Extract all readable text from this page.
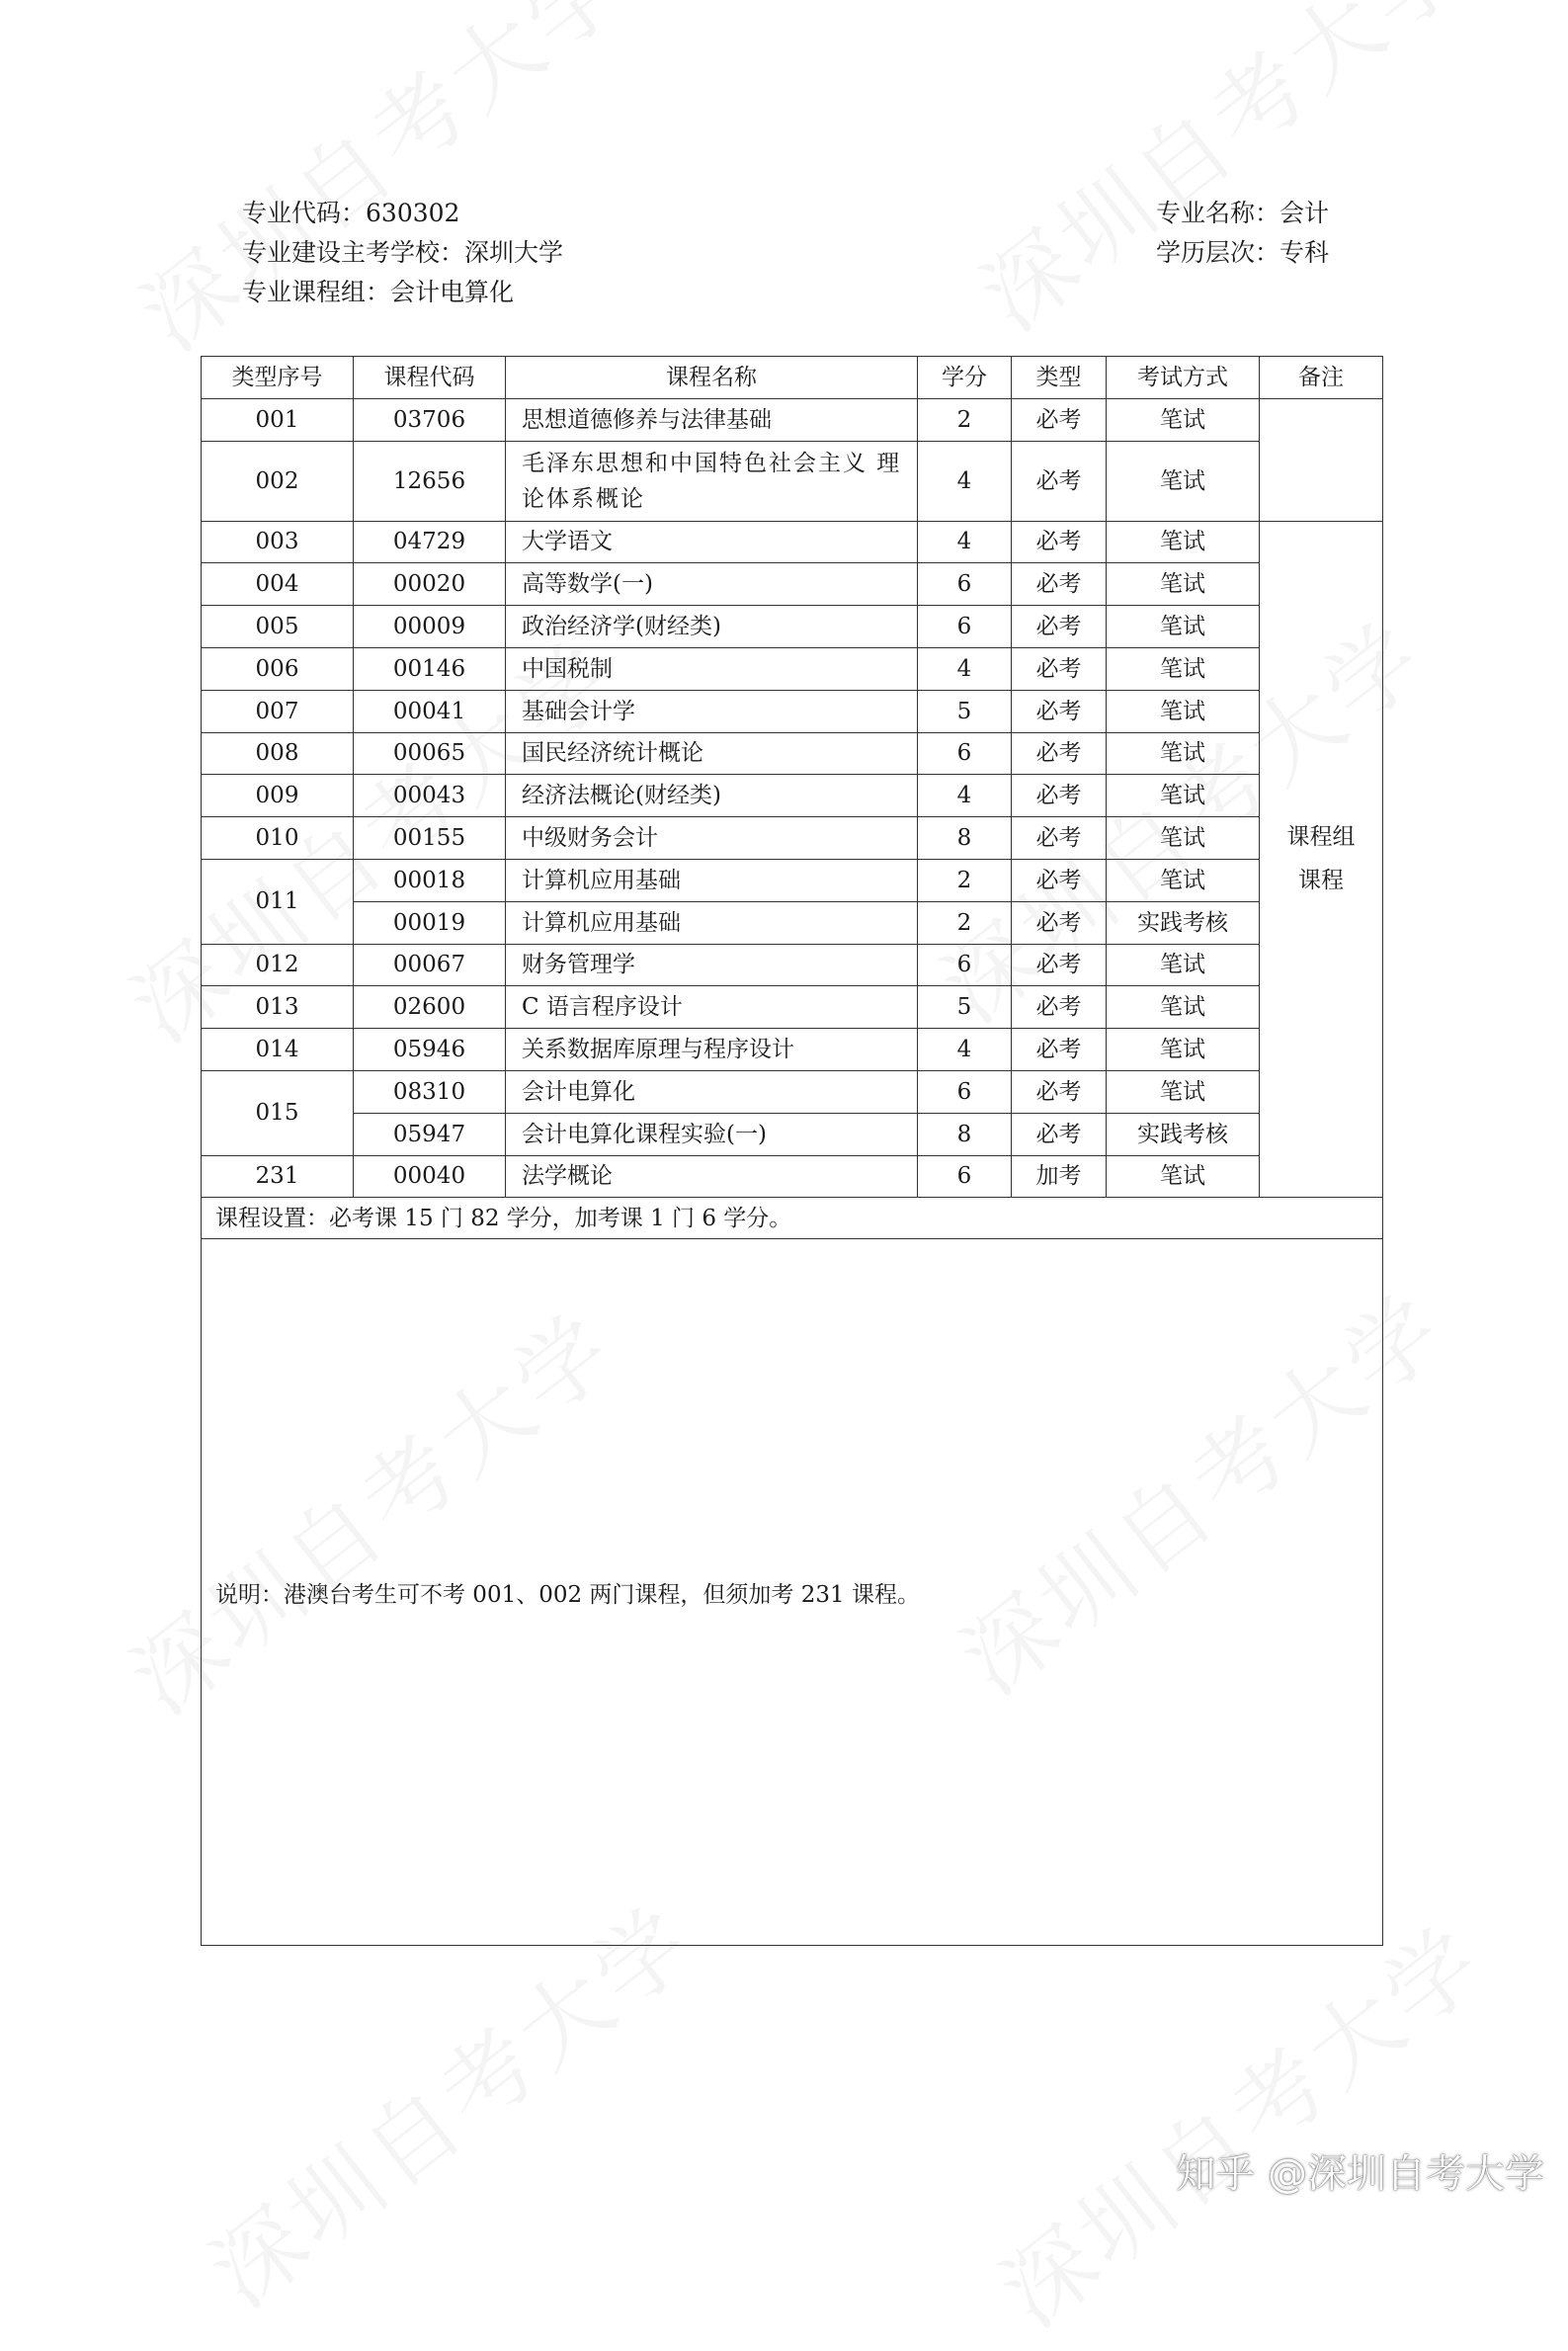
专业代码：630302
专业建设主考学校：深圳大学
专业课程组：会计电算化
专业名称：会计
学历层次：专科
类型序号	课程代码	课程名称	学分	类型	考试方式	备注
001	03706	思想道德修养与法律基础	2	必考	笔试	
002	12656	毛泽东思想和中国特色社会主义 理论体系概论	4	必考	笔试	
003	04729	大学语文	4	必考	笔试	课程组课程
004	00020	高等数学(一)	6	必考	笔试	
005	00009	政治经济学(财经类)	6	必考	笔试	
006	00146	中国税制	4	必考	笔试	
007	00041	基础会计学	5	必考	笔试	
008	00065	国民经济统计概论	6	必考	笔试	
009	00043	经济法概论(财经类)	4	必考	笔试	
010	00155	中级财务会计	8	必考	笔试	
011	00018	计算机应用基础	2	必考	笔试	
	00019	计算机应用基础	2	必考	实践考核	
012	00067	财务管理学	6	必考	笔试	
013	02600	C 语言程序设计	5	必考	笔试	
014	05946	关系数据库原理与程序设计	4	必考	笔试	
015	08310	会计电算化	6	必考	笔试	
	05947	会计电算化课程实验(一)	8	必考	实践考核	
231	00040	法学概论	6	加考	笔试	
课程设置：必考课 15 门 82 学分，加考课 1 门 6 学分。						

说明：港澳台考生可不考 001、002 两门课程，但须加考 231 课程。						
知乎 @深圳自考大学
